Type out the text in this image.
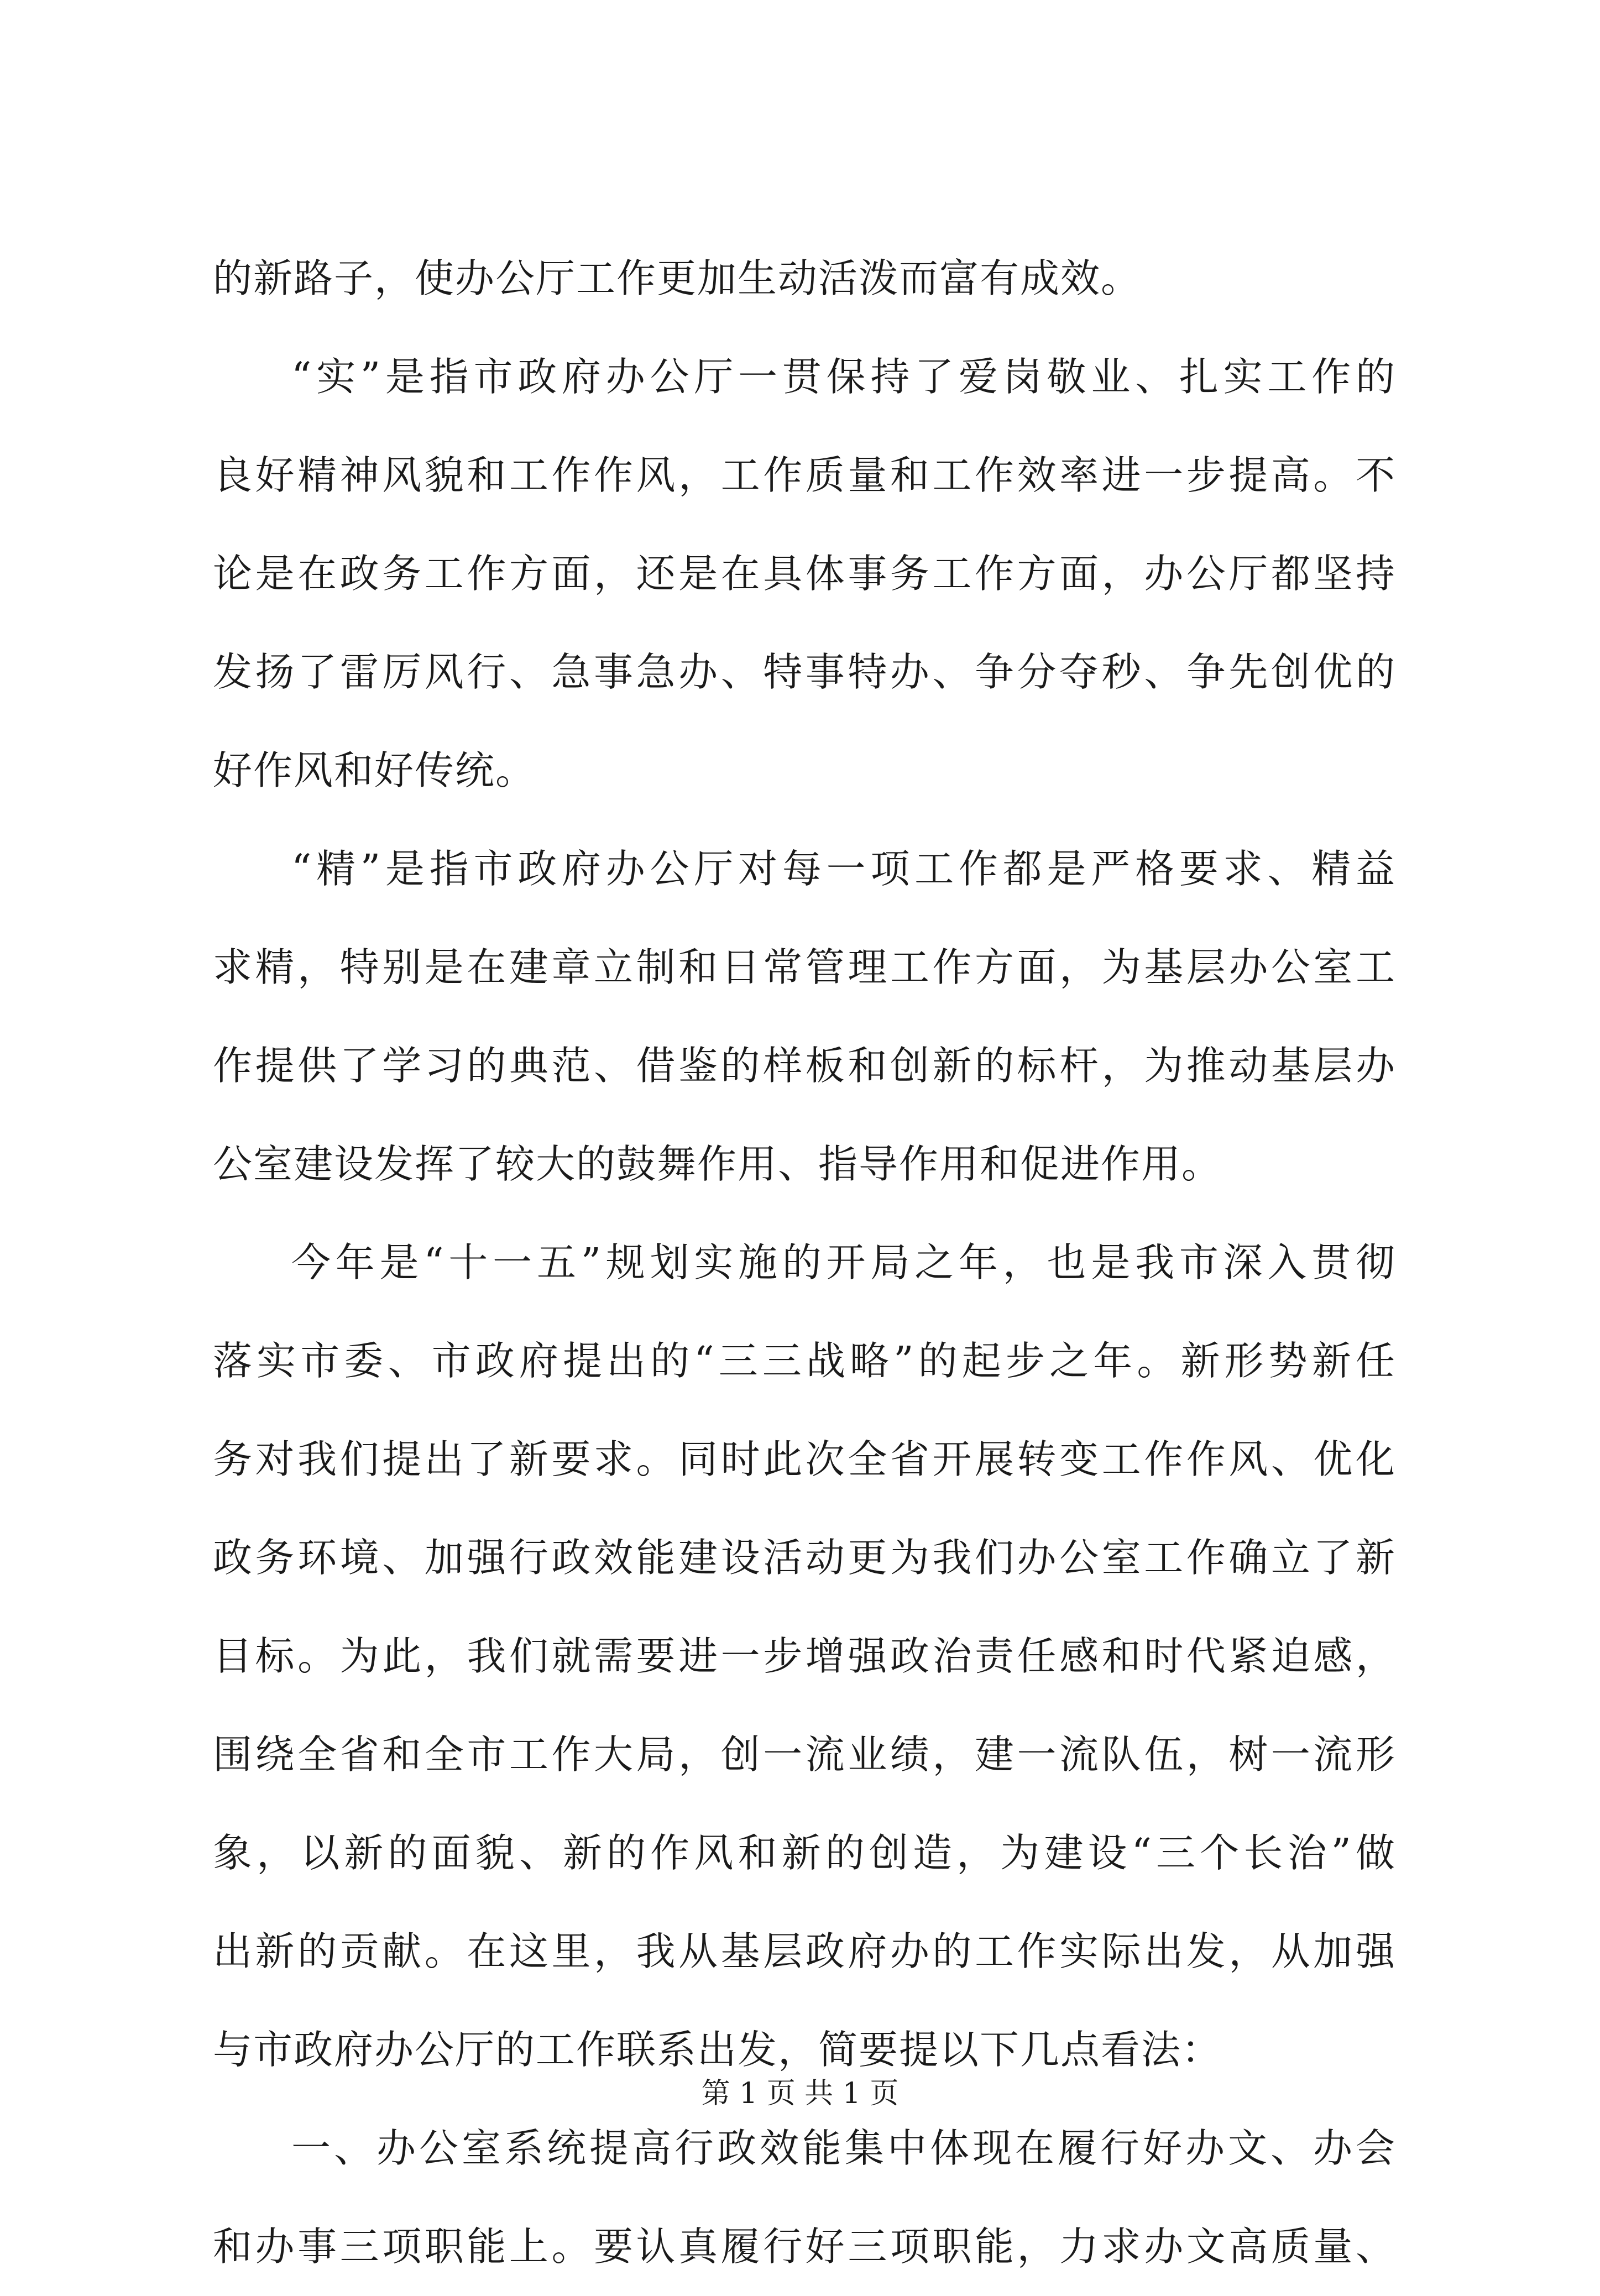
的新路子，使办公厅工作更加生动活泼而富有成效。
“实”是指市政府办公厅一贯保持了爱岗敬业、扎实工作的
良好精神风貌和工作作风，工作质量和工作效率进一步提高。不
论是在政务工作方面，还是在具体事务工作方面，办公厅都坚持
发扬了雷厉风行、急事急办、特事特办、争分夺秒、争先创优的
好作风和好传统。
“精”是指市政府办公厅对每一项工作都是严格要求、精益
求精，特别是在建章立制和日常管理工作方面，为基层办公室工
作提供了学习的典范、借鉴的样板和创新的标杆，为推动基层办
公室建设发挥了较大的鼓舞作用、指导作用和促进作用。
今年是“十一五”规划实施的开局之年，也是我市深入贯彻
落实市委、市政府提出的“三三战略”的起步之年。新形势新任
务对我们提出了新要求。同时此次全省开展转变工作作风、优化
政务环境、加强行政效能建设活动更为我们办公室工作确立了新
目标。为此，我们就需要进一步增强政治责任感和时代紧迫感，
围绕全省和全市工作大局，创一流业绩，建一流队伍，树一流形
象，以新的面貌、新的作风和新的创造，为建设“三个长治”做
出新的贡献。在这里，我从基层政府办的工作实际出发，从加强
与市政府办公厅的工作联系出发，简要提以下几点看法：
一、办公室系统提高行政效能集中体现在履行好办文、办会
和办事三项职能上。要认真履行好三项职能，力求办文高质量、
第 1 页 共 1 页
